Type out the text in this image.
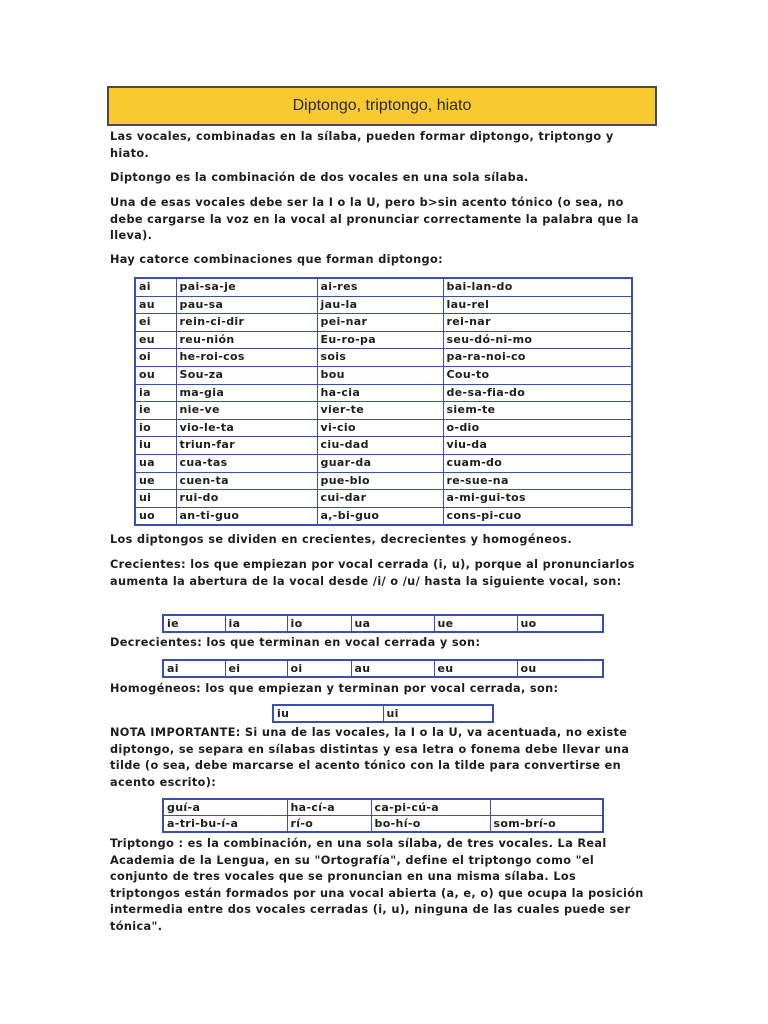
Diptongo, triptongo, hiato

Las vocales, combinadas en la sílaba, pueden formar diptongo, triptongo y hiato.

Diptongo es la combinación de dos vocales en una sola sílaba.

Una de esas vocales debe ser la I o la U, pero b>sin acento tónico (o sea, no debe cargarse la voz en la vocal al pronunciar correctamente la palabra que la lleva).

Hay catorce combinaciones que forman diptongo:

ai	pai-sa-je	ai-res	bai-lan-do
au	pau-sa	jau-la	lau-rel
ei	rein-ci-dir	pei-nar	rei-nar
eu	reu-nión	Eu-ro-pa	seu-dó-ni-mo
oi	he-roi-cos	sois	pa-ra-noi-co
ou	Sou-za	bou	Cou-to
ia	ma-gia	ha-cia	de-sa-fia-do
ie	nie-ve	vier-te	siem-te
io	vio-le-ta	vi-cio	o-dio
iu	triun-far	ciu-dad	viu-da
ua	cua-tas	guar-da	cuam-do
ue	cuen-ta	pue-blo	re-sue-na
ui	rui-do	cui-dar	a-mi-gui-tos
uo	an-ti-guo	a,-bi-guo	cons-pi-cuo

Los diptongos se dividen en crecientes, decrecientes y homogéneos.

Crecientes: los que empiezan por vocal cerrada (i, u), porque al pronunciarlos aumenta la abertura de la vocal desde /i/ o /u/ hasta la siguiente vocal, son:

ie	ia	io	ua	ue	uo

Decrecientes: los que terminan en vocal cerrada y son:

ai	ei	oi	au	eu	ou

Homogéneos: los que empiezan y terminan por vocal cerrada, son:

iu	ui

NOTA IMPORTANTE: Si una de las vocales, la I o la U, va acentuada, no existe diptongo, se separa en sílabas distintas y esa letra o fonema debe llevar una tilde (o sea, debe marcarse el acento tónico con la tilde para convertirse en acento escrito):

guí-a	ha-cí-a	ca-pi-cú-a	
a-tri-bu-í-a	rí-o	bo-hí-o	som-brí-o

Triptongo : es la combinación, en una sola sílaba, de tres vocales. La Real Academia de la Lengua, en su "Ortografía", define el triptongo como "el conjunto de tres vocales que se pronuncian en una misma sílaba. Los triptongos están formados por una vocal abierta (a, e, o) que ocupa la posición intermedia entre dos vocales cerradas (i, u), ninguna de las cuales puede ser tónica".
